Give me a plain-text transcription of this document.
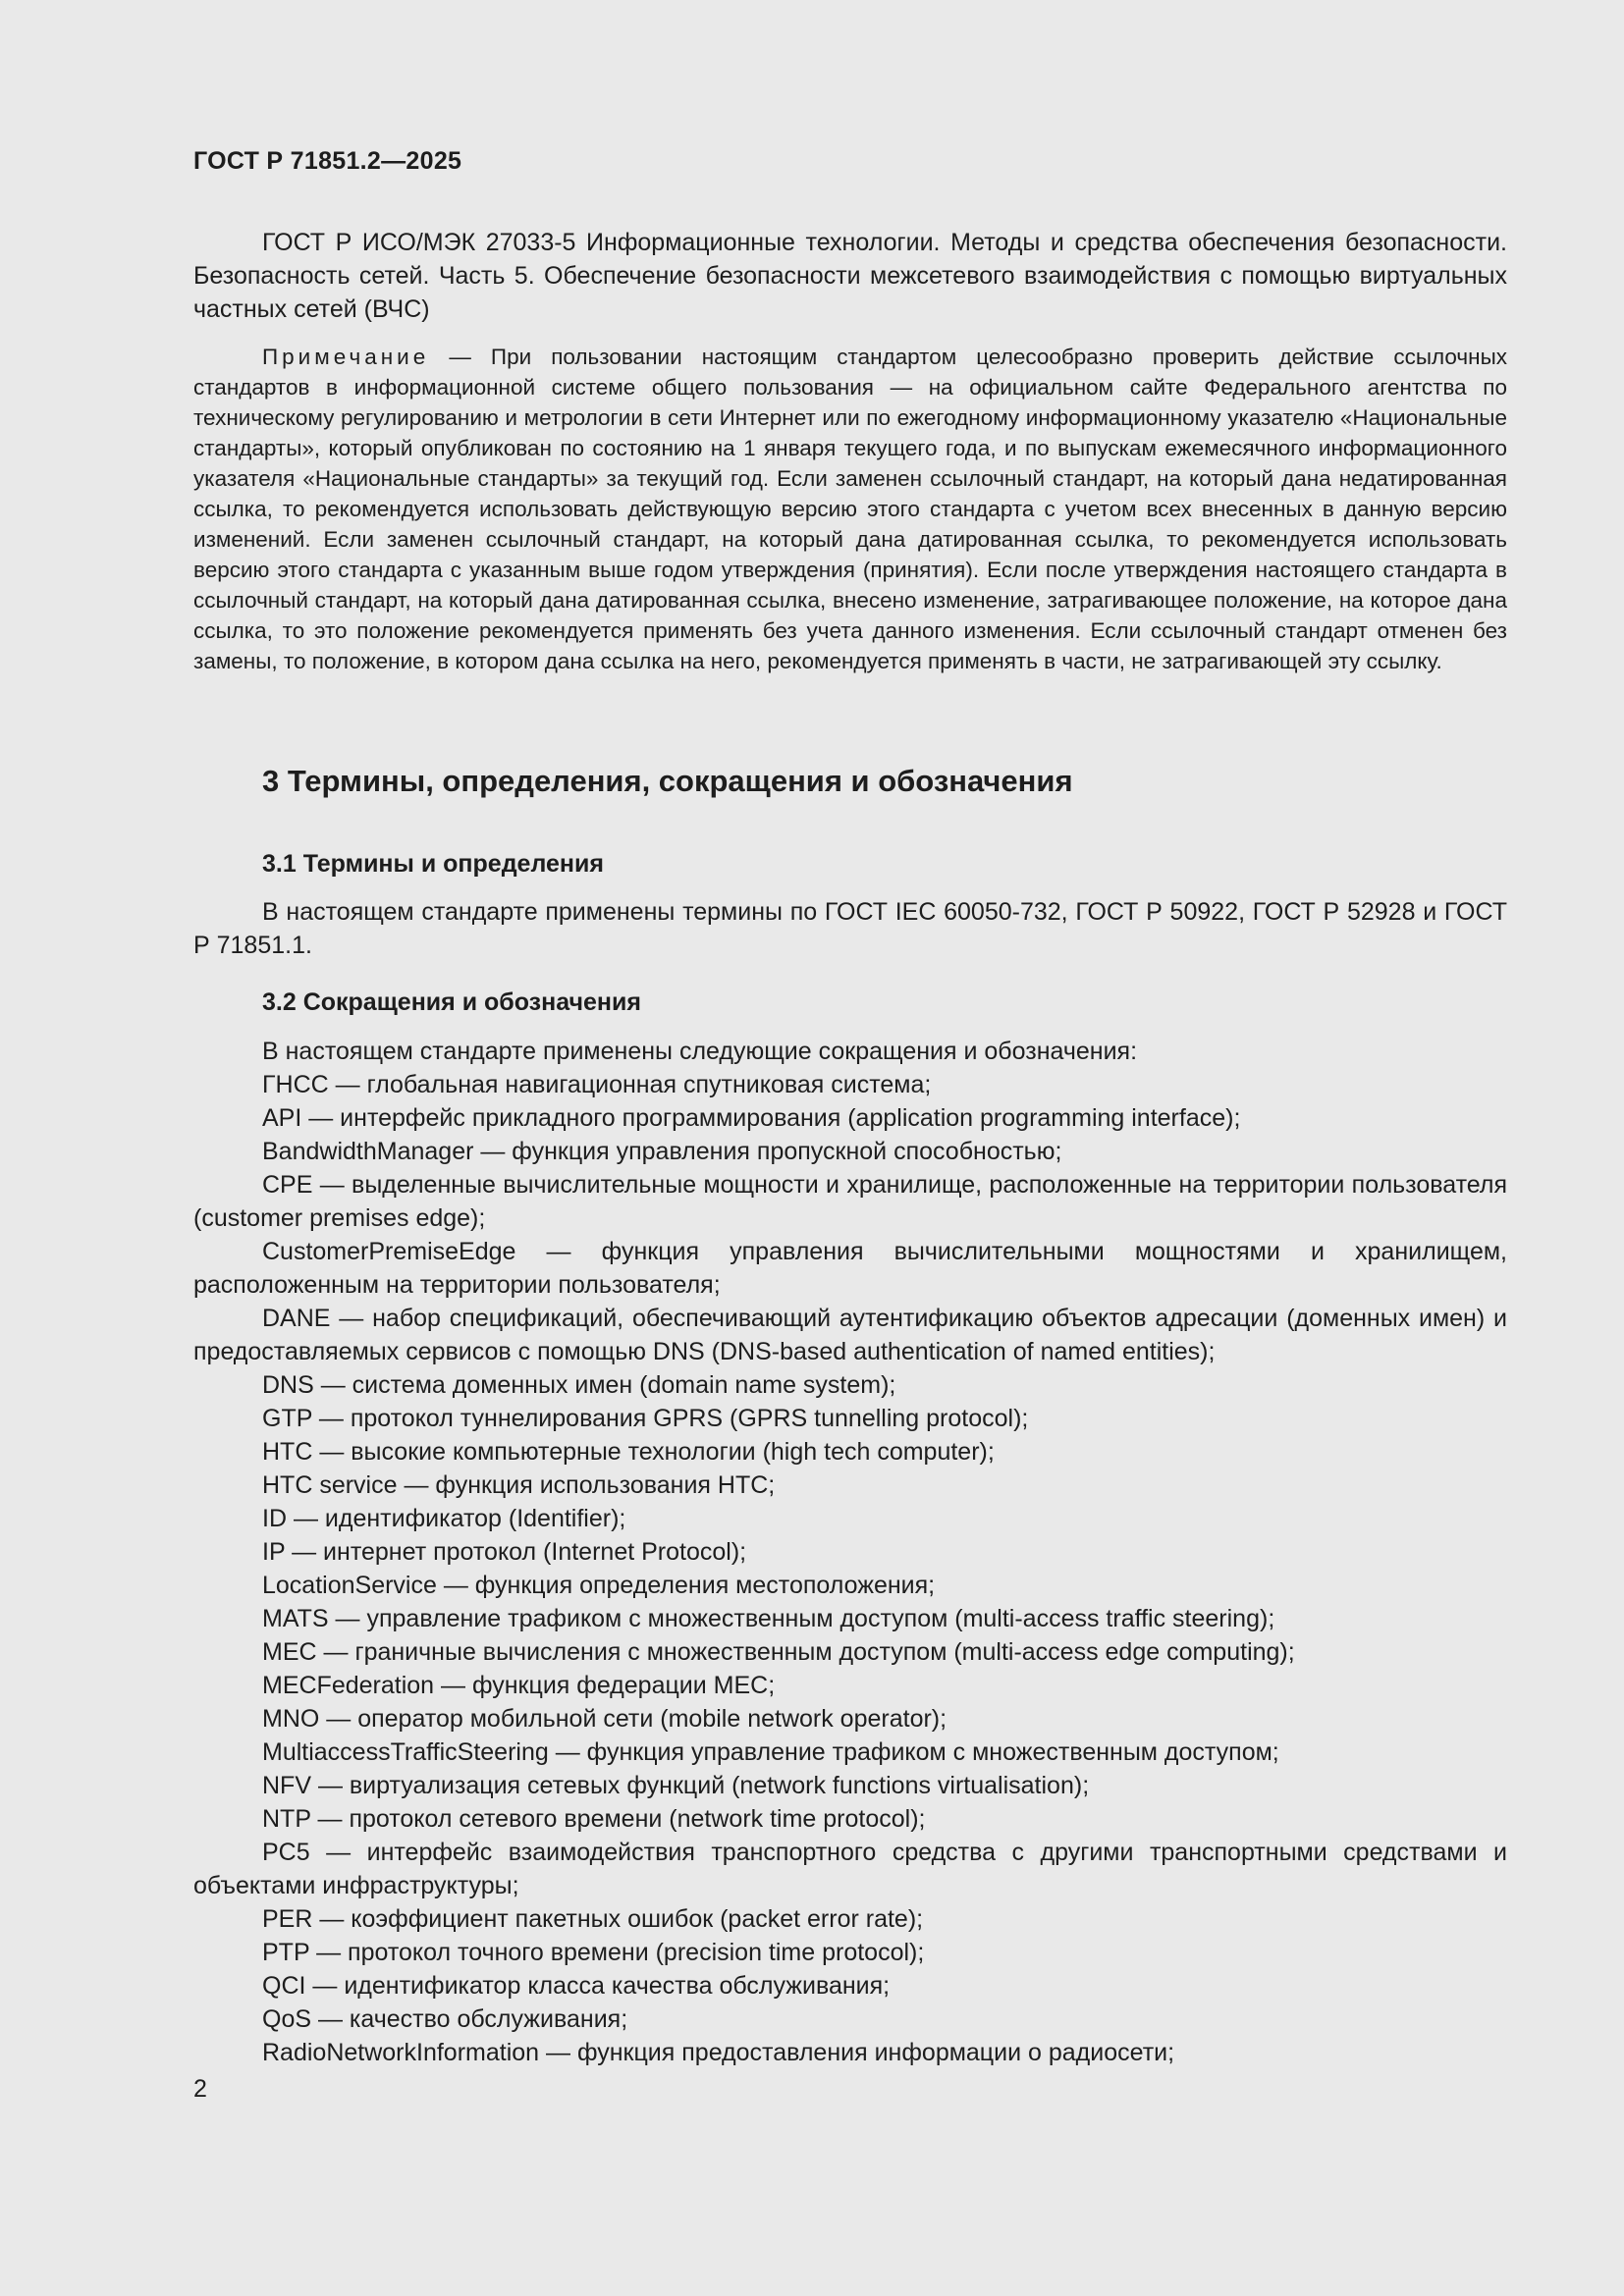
ГОСТ Р 71851.2—2025

ГОСТ Р ИСО/МЭК 27033-5 Информационные технологии. Методы и средства обеспечения безопасности. Безопасность сетей. Часть 5. Обеспечение безопасности межсетевого взаимодействия с помощью виртуальных частных сетей (ВЧС)

Примечание — При пользовании настоящим стандартом целесообразно проверить действие ссылочных стандартов в информационной системе общего пользования — на официальном сайте Федерального агентства по техническому регулированию и метрологии в сети Интернет или по ежегодному информационному указателю «Национальные стандарты», который опубликован по состоянию на 1 января текущего года, и по выпускам ежемесячного информационного указателя «Национальные стандарты» за текущий год. Если заменен ссылочный стандарт, на который дана недатированная ссылка, то рекомендуется использовать действующую версию этого стандарта с учетом всех внесенных в данную версию изменений. Если заменен ссылочный стандарт, на который дана датированная ссылка, то рекомендуется использовать версию этого стандарта с указанным выше годом утверждения (принятия). Если после утверждения настоящего стандарта в ссылочный стандарт, на который дана датированная ссылка, внесено изменение, затрагивающее положение, на которое дана ссылка, то это положение рекомендуется применять без учета данного изменения. Если ссылочный стандарт отменен без замены, то положение, в котором дана ссылка на него, рекомендуется применять в части, не затрагивающей эту ссылку.

3 Термины, определения, сокращения и обозначения
3.1 Термины и определения

В настоящем стандарте применены термины по ГОСТ IEC 60050-732, ГОСТ Р 50922, ГОСТ Р 52928 и ГОСТ Р 71851.1.

3.2 Сокращения и обозначения
В настоящем стандарте применены следующие сокращения и обозначения:
ГНСС — глобальная навигационная спутниковая система;
API — интерфейс прикладного программирования (application programming interface);
BandwidthManager — функция управления пропускной способностью;
CPE — выделенные вычислительные мощности и хранилище, расположенные на территории пользователя (customer premises edge);
CustomerPremiseEdge — функция управления вычислительными мощностями и хранилищем, расположенным на территории пользователя;
DANE — набор спецификаций, обеспечивающий аутентификацию объектов адресации (доменных имен) и предоставляемых сервисов с помощью DNS (DNS-based authentication of named entities);
DNS — система доменных имен (domain name system);
GTP — протокол туннелирования GPRS (GPRS tunnelling protocol);
HTC — высокие компьютерные технологии (high tech computer);
HTC service — функция использования HTC;
ID — идентификатор (Identifier);
IP — интернет протокол (Internet Protocol);
LocationService — функция определения местоположения;
MATS — управление трафиком с множественным доступом (multi-access traffic steering);
MEC — граничные вычисления с множественным доступом (multi-access edge computing);
MECFederation — функция федерации MEC;
MNO — оператор мобильной сети (mobile network operator);
MultiaccessTrafficSteering — функция управление трафиком с множественным доступом;
NFV — виртуализация сетевых функций (network functions virtualisation);
NTP — протокол сетевого времени (network time protocol);
PC5 — интерфейс взаимодействия транспортного средства с другими транспортными средствами и объектами инфраструктуры;
PER — коэффициент пакетных ошибок (packet error rate);
PTP — протокол точного времени (precision time protocol);
QCI — идентификатор класса качества обслуживания;
QoS — качество обслуживания;
RadioNetworkInformation — функция предоставления информации о радиосети;
2
